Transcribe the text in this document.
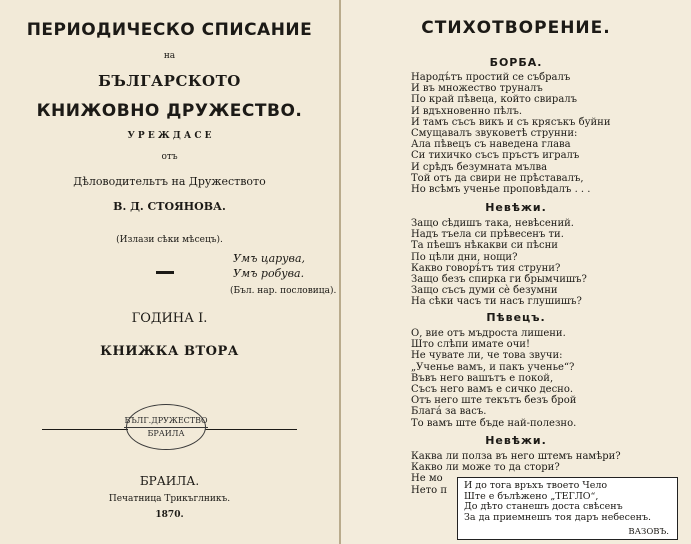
ПЕРИОДИЧЕСКО СПИСАНИЕ
на
БЪЛГАРСКОТО
КНИЖОВНО ДРУЖЕСТВО.
У Р Е Ж Д А С Е
отъ
Дѣловодительтъ на Дружеството
В. Д. СТОЯНОВА.
(Излази сѣки мѣсецъ).
Умъ царува,
Умъ робува.
(Бъл. нар. пословица).
ГОДИНА I.
КНИЖКА ВТОРА
БЪЛГ.ДРУЖЕСТВО
БРАИЛА
БРАИЛА.
Печатница Трикъглникъ.
1870.
СТИХОТВОРЕНИЕ.
БОРБА.
Народъ́тъ простий се събралъ
И въ множество труналъ
По край пѣвеца, който свиралъ
И вдъхновенно пѣлъ.
И тамъ съсъ викъ и съ крясъкъ буйни
Смущавалъ звуковетѣ струнни:
Ала пѣвецъ съ наведена глава
Си тихичко съсъ пръстъ игралъ
И срѣдъ безумната мълва
Той отъ да свири не прѣставалъ,
Но всѣмъ ученье проповѣдалъ . . .
Невѣжи.
Защо сѣдишъ така, невѣсений.
Надъ тъела си прѣвесенъ ти.
Та пѣешъ нѣкакви си пѣсни
По цѣли дни, нощи?
Какво говоръ́тъ тия струни?
Защо безъ спирка ги брымчишъ?
Защо съсъ думи сѐ безумни
На сѣки часъ ти насъ глушишъ?
Пѣвецъ.
О, вие отъ мъдроста лишени.
Што слѣпи имате очи!
Не чувате ли, че това звучи:
„Ученье вамъ, и пакъ ученье“?
Въвъ него вашътъ е покой,
Съсъ него вамъ е сичко десно.
Отъ него ште текътъ безъ брой
Благá за васъ.
То вамъ ште бъде най-полезно.
Невѣжи.
Каква ли полза въ него штемъ намѣри?
Какво ли може то да стори?
Не мо
Нето п	И до тога връхъ твоето Чело
Ште е бълѣжено „ТЕГЛО“,
До дѣто станешъ доста свѣсенъ
За да приемнешъ тоя даръ небесенъ.
ВАЗОВЪ.
